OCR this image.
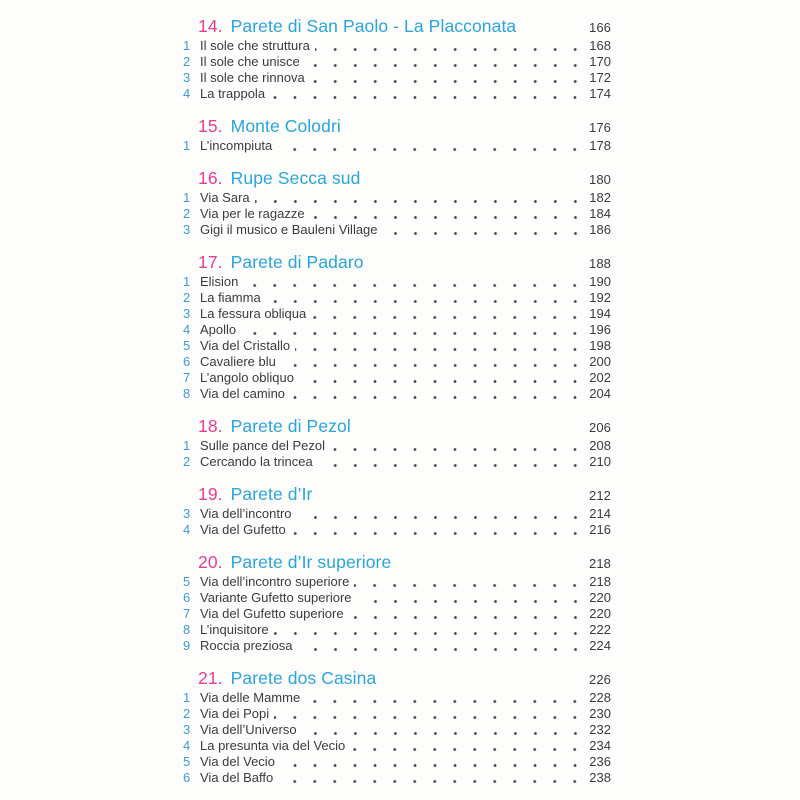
14. Parete di San Paolo - La Placconata	166
1 Il sole che struttura	168
2 Il sole che unisce	170
3 Il sole che rinnova	172
4 La trappola	174
15. Monte Colodri	176
1 L’incompiuta	178
16. Rupe Secca sud	180
1 Via Sara	182
2 Via per le ragazze	184
3 Gigi il musico e Bauleni Village	186
17. Parete di Padaro	188
1 Elision	190
2 La fiamma	192
3 La fessura obliqua	194
4 Apollo	196
5 Via del Cristallo	198
6 Cavaliere blu	200
7 L’angolo obliquo	202
8 Via del camino	204
18. Parete di Pezol	206
1 Sulle pance del Pezol	208
2 Cercando la trincea	210
19. Parete d’Ir	212
3 Via dell’incontro	214
4 Via del Gufetto	216
20. Parete d’Ir superiore	218
5 Via dell’incontro superiore	218
6 Variante Gufetto superiore	220
7 Via del Gufetto superiore	220
8 L’inquisitore	222
9 Roccia preziosa	224
21. Parete dos Casina	226
1 Via delle Mamme	228
2 Via dei Popi	230
3 Via dell’Universo	232
4 La presunta via del Vecio	234
5 Via del Vecio	236
6 Via del Baffo	238
